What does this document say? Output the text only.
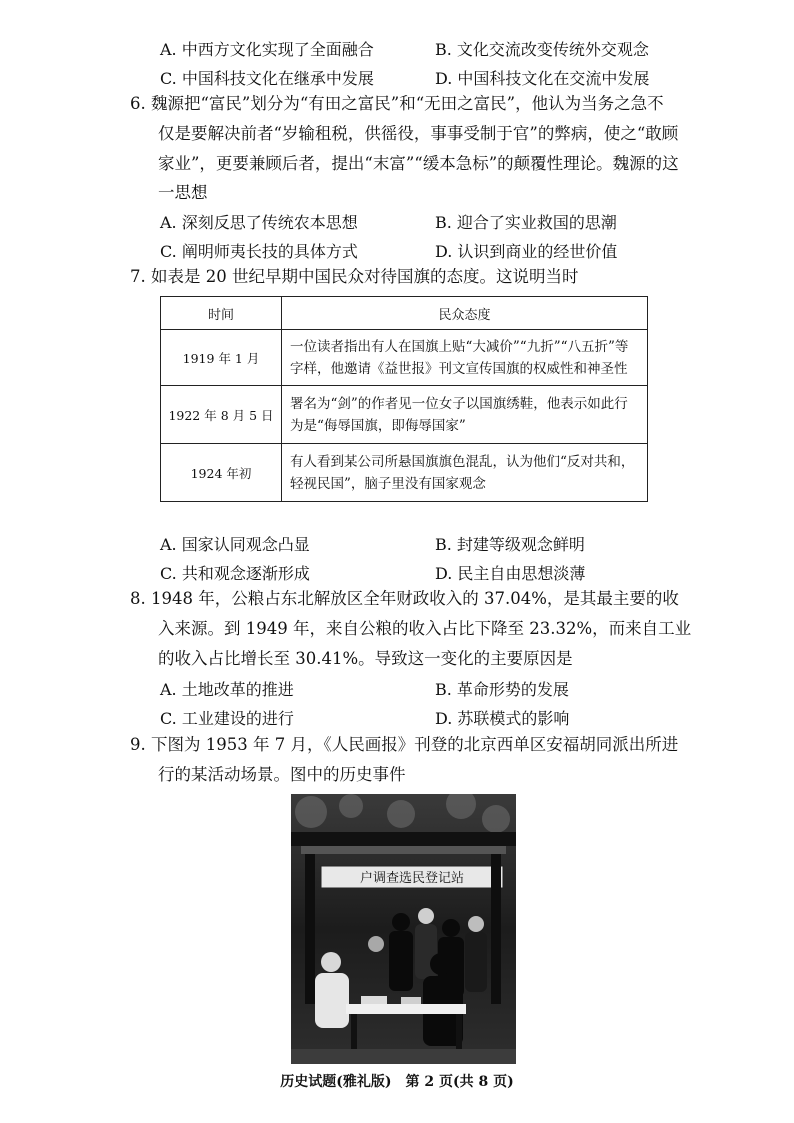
A. 中西方文化实现了全面融合	B. 文化交流改变传统外交观念
C. 中国科技文化在继承中发展	D. 中国科技文化在交流中发展
6. 魏源把“富民”划分为“有田之富民”和“无田之富民”，他认为当务之急不
仅是要解决前者“岁输租税，供徭役，事事受制于官”的弊病，使之“敢顾
家业”，更要兼顾后者，提出“末富”“缓本急标”的颠覆性理论。魏源的这
一思想
A. 深刻反思了传统农本思想	B. 迎合了实业救国的思潮
C. 阐明师夷长技的具体方式	D. 认识到商业的经世价值
7. 如表是 20 世纪早期中国民众对待国旗的态度。这说明当时
时间	民众态度
1919 年 1 月	一位读者指出有人在国旗上贴“大减价”“九折”“八五折”等字样，他邀请《益世报》刊文宣传国旗的权威性和神圣性
1922 年 8 月 5 日	署名为“剑”的作者见一位女子以国旗绣鞋，他表示如此行为是“侮辱国旗，即侮辱国家”
1924 年初	有人看到某公司所悬国旗旗色混乱，认为他们“反对共和，轻视民国”，脑子里没有国家观念
A. 国家认同观念凸显	B. 封建等级观念鲜明
C. 共和观念逐渐形成	D. 民主自由思想淡薄
8. 1948 年，公粮占东北解放区全年财政收入的 37.04%，是其最主要的收
入来源。到 1949 年，来自公粮的收入占比下降至 23.32%，而来自工业
的收入占比增长至 30.41%。导致这一变化的主要原因是
A. 土地改革的推进	B. 革命形势的发展
C. 工业建设的进行	D. 苏联模式的影响
9. 下图为 1953 年 7 月，《人民画报》刊登的北京西单区安福胡同派出所进
行的某活动场景。图中的历史事件
户调查选民登记站
历史试题(雅礼版)　第 2 页(共 8 页)
